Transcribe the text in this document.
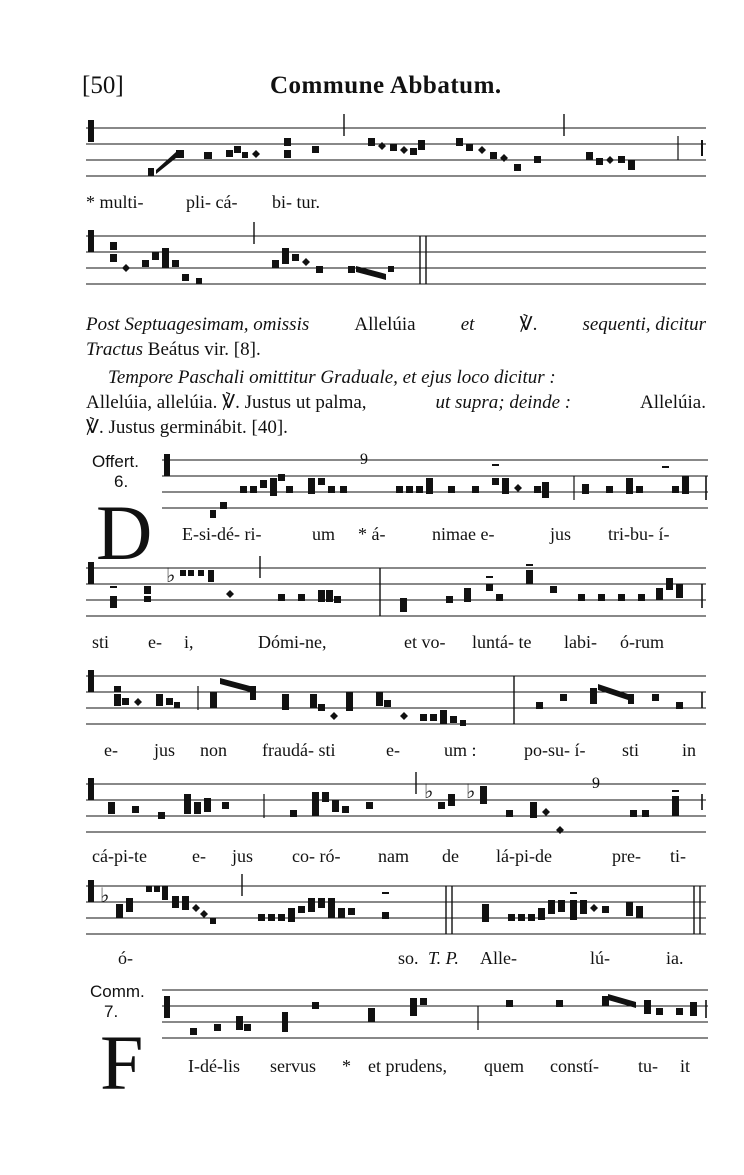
[50]	Commune Abbatum.
* multi- pli- cá- bi- tur.
Post Septuagesimam, omissis Allelúia et ℣. sequenti, dicitur
Tractus Beátus vir. [8].
Tempore Paschali omittitur Graduale, et ejus loco dicitur :
Allelúia, allelúia. ℣. Justus ut palma,	ut supra; deinde :	Allelúia.
℣. Justus germinábit. [40].
Offert.
6.
D
9
E-si-dé- ri-	um * á-	nimae e-	jus tri-bu- í-
♭
sti e- i,	Dómi-ne,	et vo- luntá- te labi- ó-rum
e- jus non fraudá- sti	e- um :	po-su- í- sti in
♭ ♭	9
cá-pi-te	e- jus co- ró- nam de lá-pi-de	pre- ti-
♭
ó-	so. T. P. Alle-	lú-	ia.
Comm.
7.
F I-dé-lis servus * et prudens, quem constí- tu- it
